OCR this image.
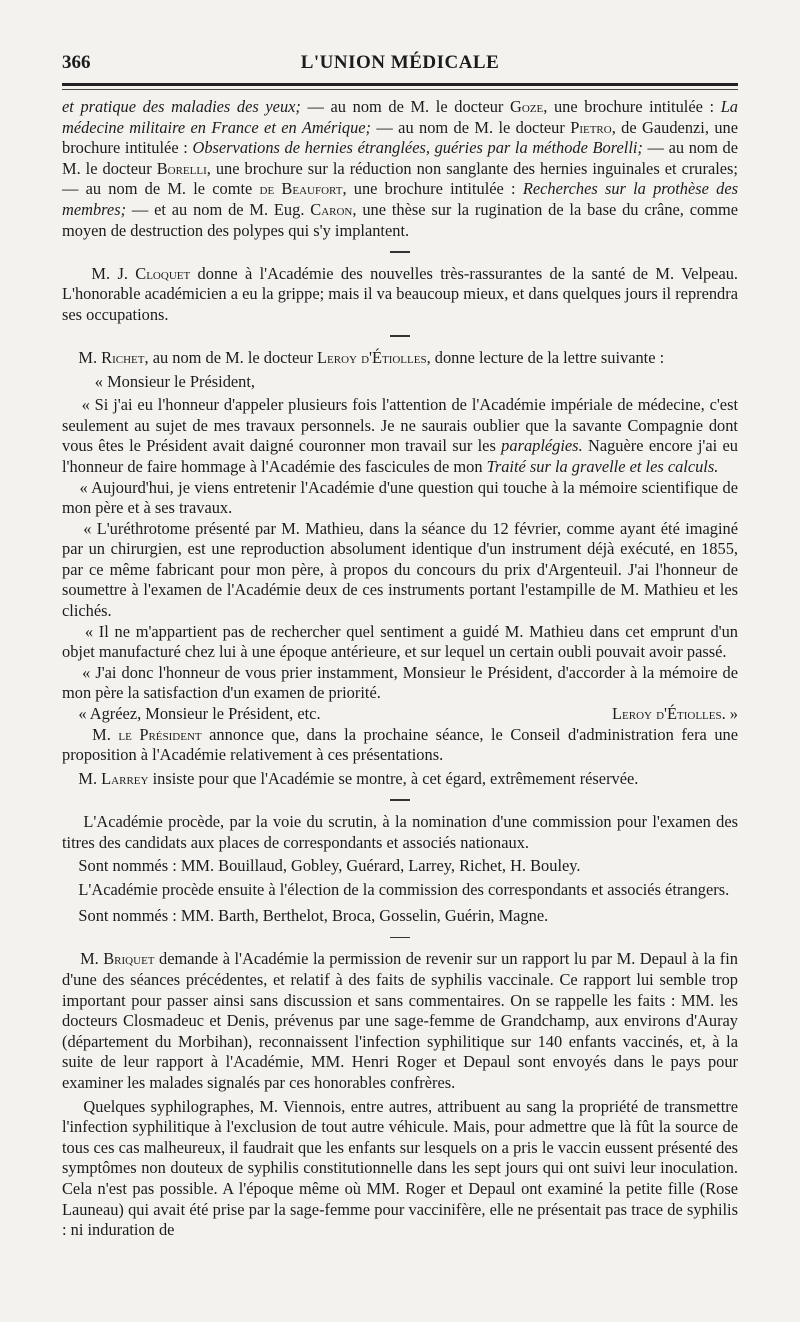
366	L'UNION MÉDICALE

et pratique des maladies des yeux; — au nom de M. le docteur Goze, une brochure intitulée : La médecine militaire en France et en Amérique; — au nom de M. le docteur Pietro, de Gaudenzi, une brochure intitulée : Observations de hernies étranglées, guéries par la méthode Borelli; — au nom de M. le docteur Borelli, une brochure sur la réduction non sanglante des hernies inguinales et crurales; — au nom de M. le comte de Beaufort, une brochure intitulée : Recherches sur la prothèse des membres; — et au nom de M. Eug. Caron, une thèse sur la rugination de la base du crâne, comme moyen de destruction des polypes qui s'y implantent.

M. J. Cloquet donne à l'Académie des nouvelles très-rassurantes de la santé de M. Velpeau. L'honorable académicien a eu la grippe; mais il va beaucoup mieux, et dans quelques jours il reprendra ses occupations.

M. Richet, au nom de M. le docteur Leroy d'Étiolles, donne lecture de la lettre suivante :

« Monsieur le Président,

« Si j'ai eu l'honneur d'appeler plusieurs fois l'attention de l'Académie impériale de médecine, c'est seulement au sujet de mes travaux personnels. Je ne saurais oublier que la savante Compagnie dont vous êtes le Président avait daigné couronner mon travail sur les paraplégies. Naguère encore j'ai eu l'honneur de faire hommage à l'Académie des fascicules de mon Traité sur la gravelle et les calculs.

« Aujourd'hui, je viens entretenir l'Académie d'une question qui touche à la mémoire scientifique de mon père et à ses travaux.

« L'uréthrotome présenté par M. Mathieu, dans la séance du 12 février, comme ayant été imaginé par un chirurgien, est une reproduction absolument identique d'un instrument déjà exécuté, en 1855, par ce même fabricant pour mon père, à propos du concours du prix d'Argenteuil. J'ai l'honneur de soumettre à l'examen de l'Académie deux de ces instruments portant l'estampille de M. Mathieu et les clichés.

« Il ne m'appartient pas de rechercher quel sentiment a guidé M. Mathieu dans cet emprunt d'un objet manufacturé chez lui à une époque antérieure, et sur lequel un certain oubli pouvait avoir passé.

« J'ai donc l'honneur de vous prier instamment, Monsieur le Président, d'accorder à la mémoire de mon père la satisfaction d'un examen de priorité.

« Agréez, Monsieur le Président, etc.	Leroy d'Étiolles. »

M. le Président annonce que, dans la prochaine séance, le Conseil d'administration fera une proposition à l'Académie relativement à ces présentations.

M. Larrey insiste pour que l'Académie se montre, à cet égard, extrêmement réservée.

L'Académie procède, par la voie du scrutin, à la nomination d'une commission pour l'examen des titres des candidats aux places de correspondants et associés nationaux.

Sont nommés : MM. Bouillaud, Gobley, Guérard, Larrey, Richet, H. Bouley.

L'Académie procède ensuite à l'élection de la commission des correspondants et associés étrangers.

Sont nommés : MM. Barth, Berthelot, Broca, Gosselin, Guérin, Magne.

M. Briquet demande à l'Académie la permission de revenir sur un rapport lu par M. Depaul à la fin d'une des séances précédentes, et relatif à des faits de syphilis vaccinale. Ce rapport lui semble trop important pour passer ainsi sans discussion et sans commentaires. On se rappelle les faits : MM. les docteurs Closmadeuc et Denis, prévenus par une sage-femme de Grandchamp, aux environs d'Auray (département du Morbihan), reconnaissent l'infection syphilitique sur 140 enfants vaccinés, et, à la suite de leur rapport à l'Académie, MM. Henri Roger et Depaul sont envoyés dans le pays pour examiner les malades signalés par ces honorables confrères.

Quelques syphilographes, M. Viennois, entre autres, attribuent au sang la propriété de transmettre l'infection syphilitique à l'exclusion de tout autre véhicule. Mais, pour admettre que là fût la source de tous ces cas malheureux, il faudrait que les enfants sur lesquels on a pris le vaccin eussent présenté des symptômes non douteux de syphilis constitutionnelle dans les sept jours qui ont suivi leur inoculation. Cela n'est pas possible. A l'époque même où MM. Roger et Depaul ont examiné la petite fille (Rose Launeau) qui avait été prise par la sage-femme pour vaccinifère, elle ne présentait pas trace de syphilis : ni induration de
